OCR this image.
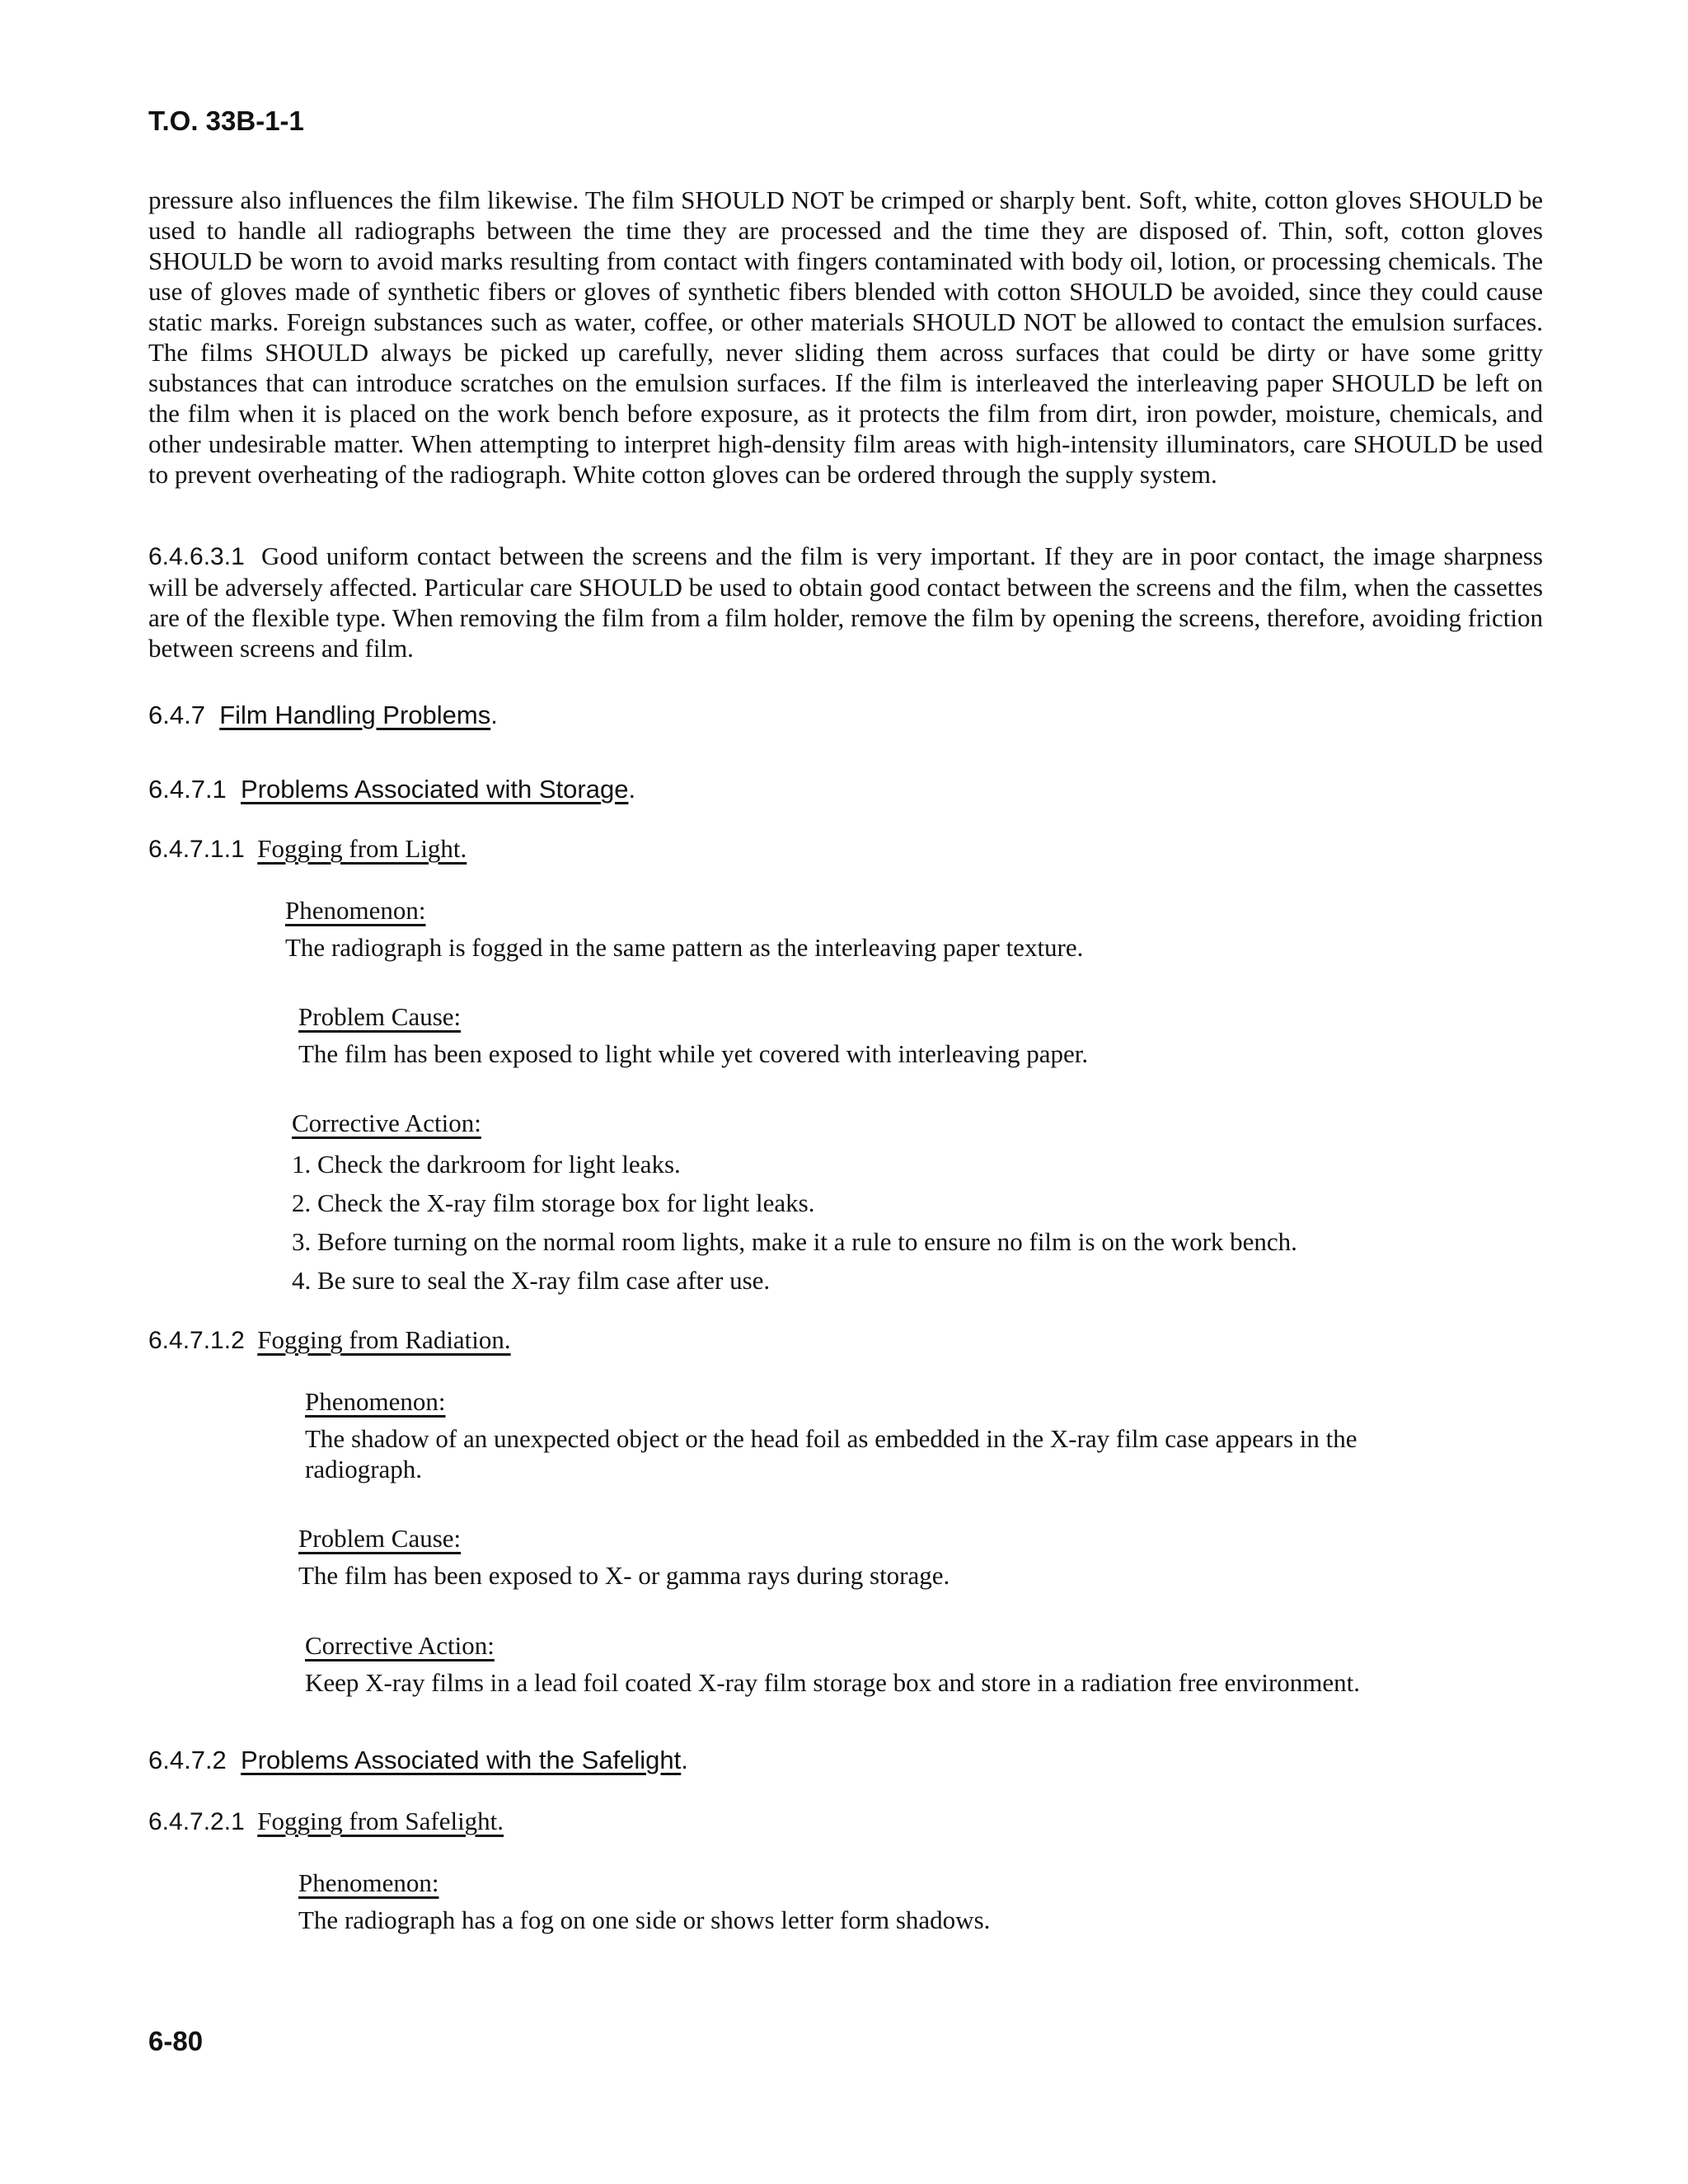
T.O. 33B-1-1

pressure also influences the film likewise. The film SHOULD NOT be crimped or sharply bent. Soft, white, cotton gloves SHOULD be used to handle all radiographs between the time they are processed and the time they are disposed of. Thin, soft, cotton gloves SHOULD be worn to avoid marks resulting from contact with fingers contaminated with body oil, lotion, or processing chemicals. The use of gloves made of synthetic fibers or gloves of synthetic fibers blended with cotton SHOULD be avoided, since they could cause static marks. Foreign substances such as water, coffee, or other materials SHOULD NOT be allowed to contact the emulsion surfaces. The films SHOULD always be picked up carefully, never sliding them across surfaces that could be dirty or have some gritty substances that can introduce scratches on the emulsion surfaces. If the film is interleaved the interleaving paper SHOULD be left on the film when it is placed on the work bench before exposure, as it protects the film from dirt, iron powder, moisture, chemicals, and other undesirable matter. When attempting to interpret high-density film areas with high-intensity illuminators, care SHOULD be used to prevent overheating of the radiograph. White cotton gloves can be ordered through the supply system.

6.4.6.3.1 Good uniform contact between the screens and the film is very important. If they are in poor contact, the image sharpness will be adversely affected. Particular care SHOULD be used to obtain good contact between the screens and the film, when the cassettes are of the flexible type. When removing the film from a film holder, remove the film by opening the screens, therefore, avoiding friction between screens and film.

6.4.7 Film Handling Problems.
6.4.7.1 Problems Associated with Storage.
6.4.7.1.1 Fogging from Light.
Phenomenon:
The radiograph is fogged in the same pattern as the interleaving paper texture.
Problem Cause:
The film has been exposed to light while yet covered with interleaving paper.
Corrective Action:
1. Check the darkroom for light leaks.
2. Check the X-ray film storage box for light leaks.
3. Before turning on the normal room lights, make it a rule to ensure no film is on the work bench.
4. Be sure to seal the X-ray film case after use.
6.4.7.1.2 Fogging from Radiation.
Phenomenon:
The shadow of an unexpected object or the head foil as embedded in the X-ray film case appears in the
radiograph.
Problem Cause:
The film has been exposed to X- or gamma rays during storage.
Corrective Action:
Keep X-ray films in a lead foil coated X-ray film storage box and store in a radiation free environment.
6.4.7.2 Problems Associated with the Safelight.
6.4.7.2.1 Fogging from Safelight.
Phenomenon:
The radiograph has a fog on one side or shows letter form shadows.
6-80
